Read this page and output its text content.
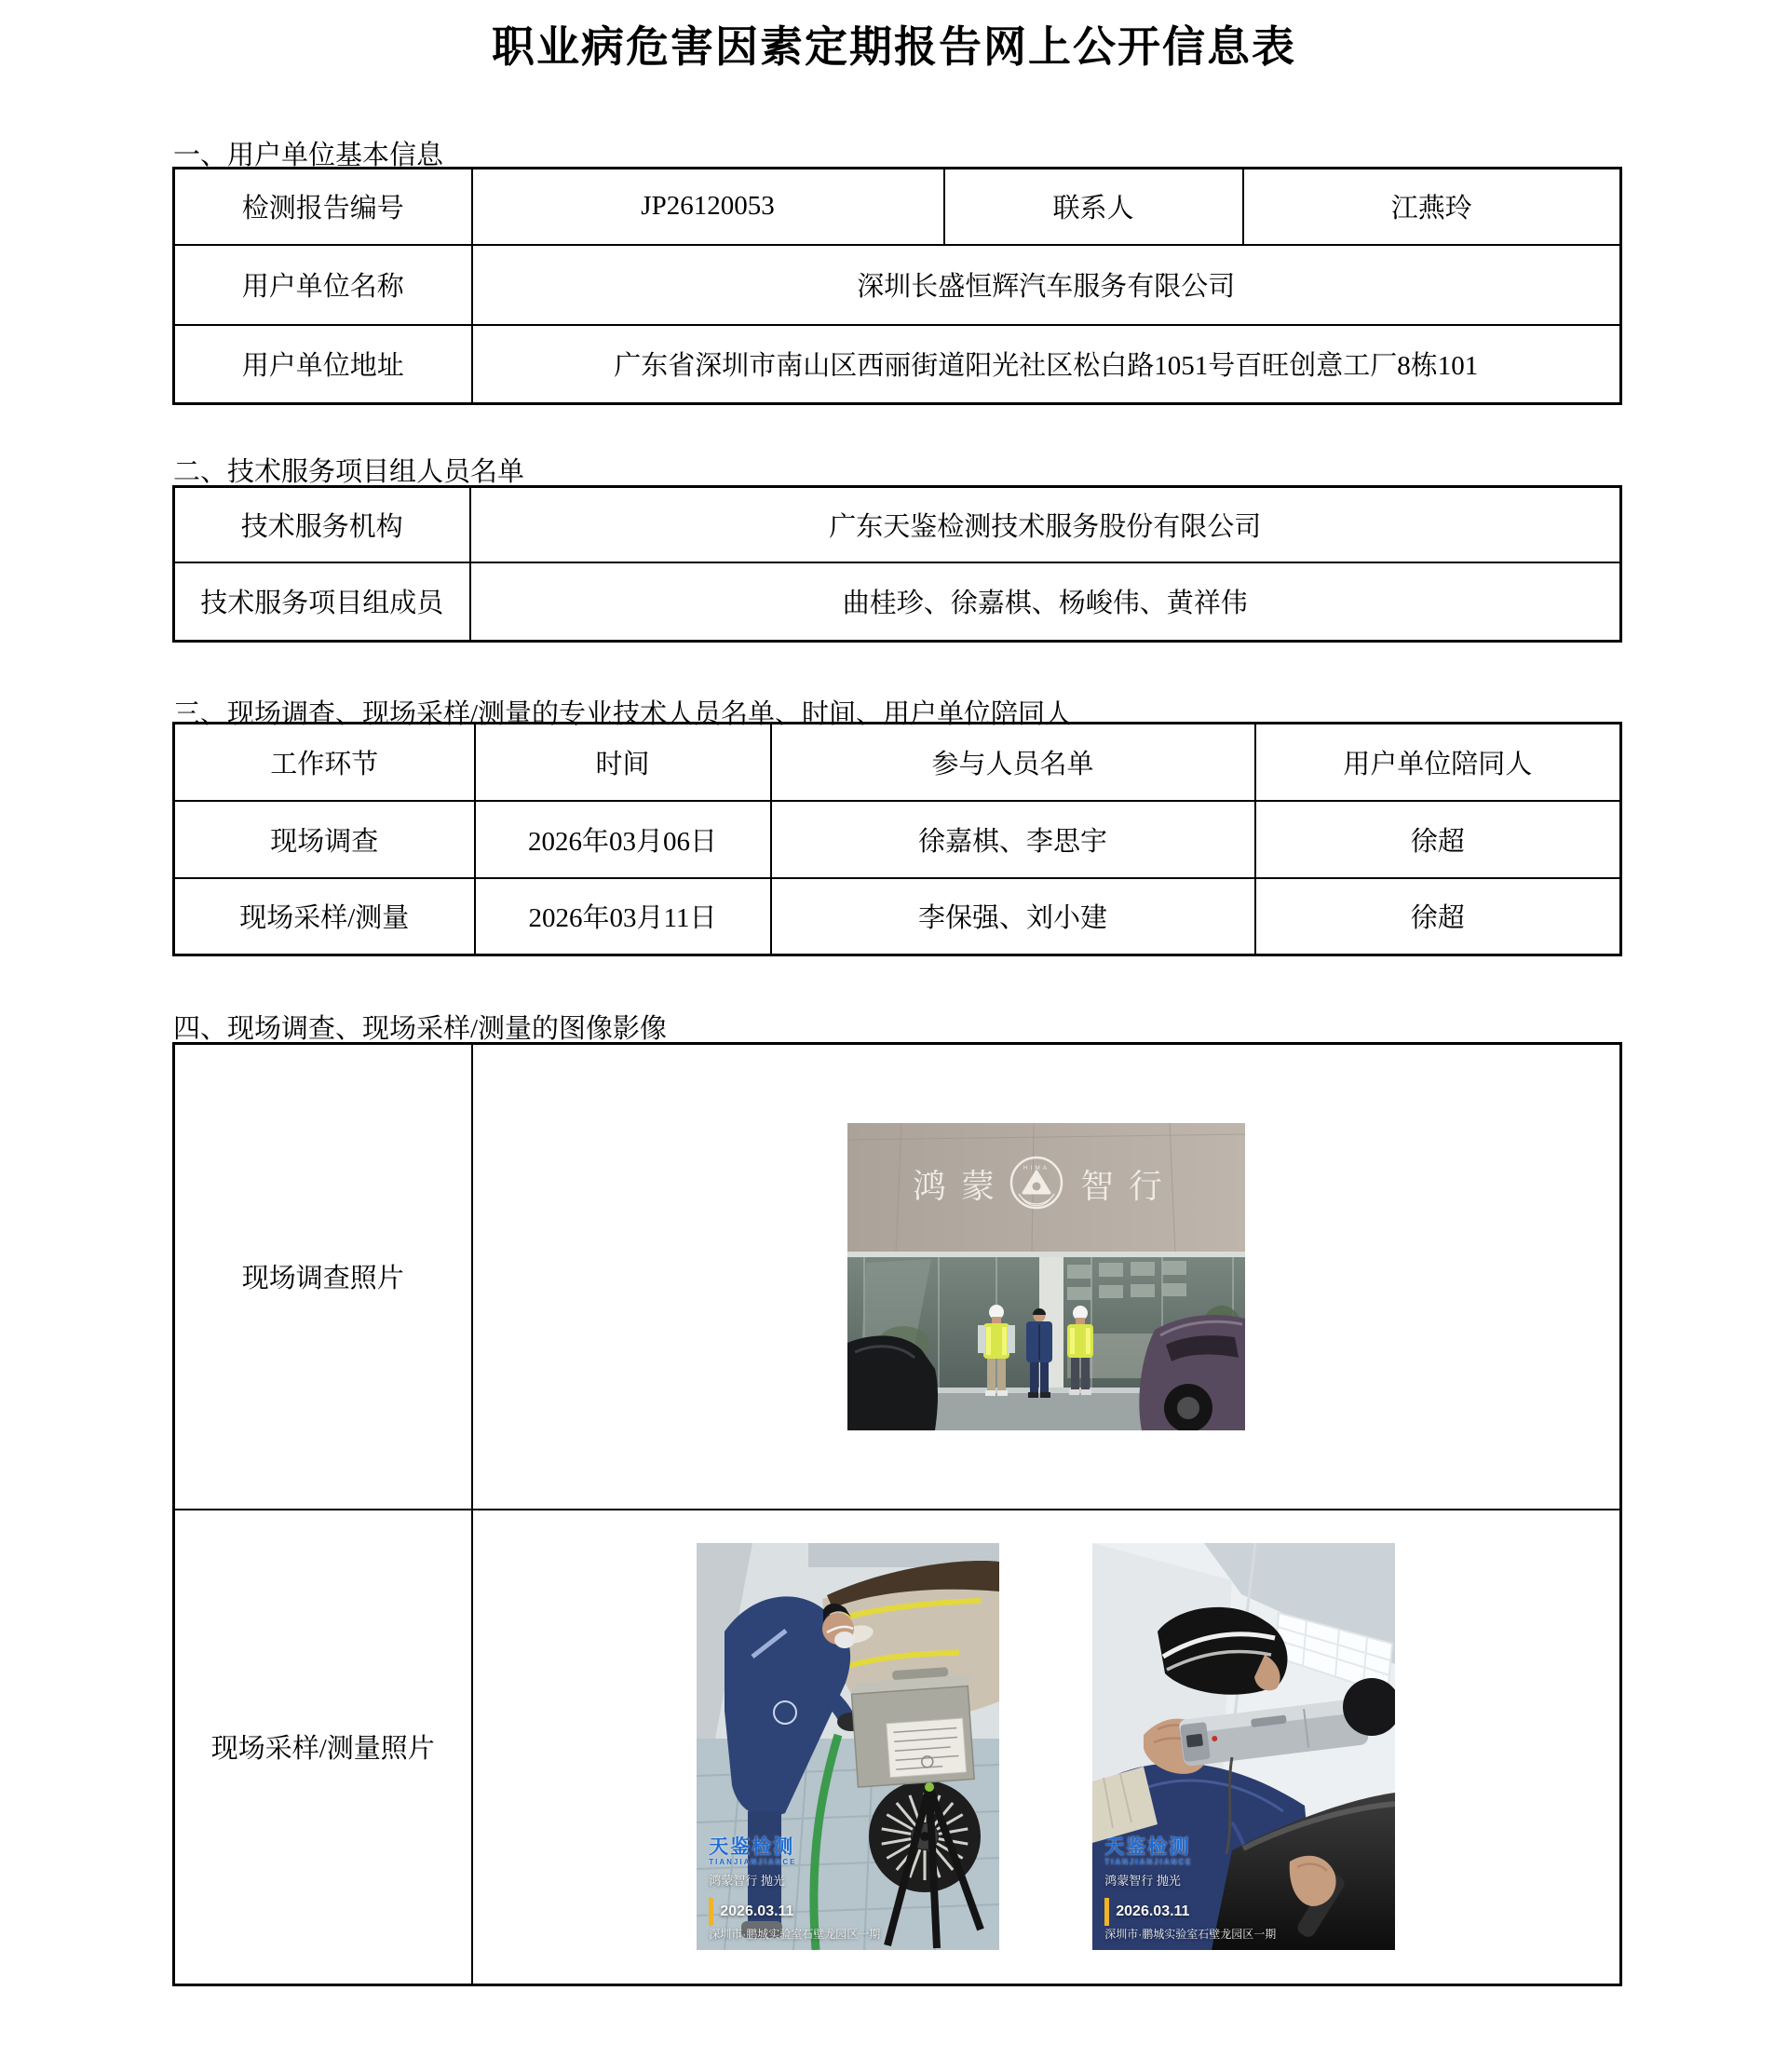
职业病危害因素定期报告网上公开信息表
一、用户单位基本信息
检测报告编号	JP26120053	联系人	江燕玲
用户单位名称	深圳长盛恒辉汽车服务有限公司		
用户单位地址	广东省深圳市南山区西丽街道阳光社区松白路1051号百旺创意工厂8栋101		
二、技术服务项目组人员名单
技术服务机构	广东天鉴检测技术服务股份有限公司
技术服务项目组成员	曲桂珍、徐嘉棋、杨峻伟、黄祥伟
三、现场调查、现场采样/测量的专业技术人员名单、时间、用户单位陪同人
工作环节	时间	参与人员名单	用户单位陪同人
现场调查	2026年03月06日	徐嘉棋、李思宇	徐超
现场采样/测量	2026年03月11日	李保强、刘小建	徐超
四、现场调查、现场采样/测量的图像影像
现场调查照片	鸿蒙 智行
HIMA

现场采样/测量照片	
天鉴检测
TIANJIANJIANCE
鸿蒙智行 抛光
2026.03.11
深圳市·鹏城实验室石壁龙园区一期
天鉴检测
TIANJIANJIANCE
鸿蒙智行 抛光
2026.03.11
深圳市·鹏城实验室石壁龙园区一期
